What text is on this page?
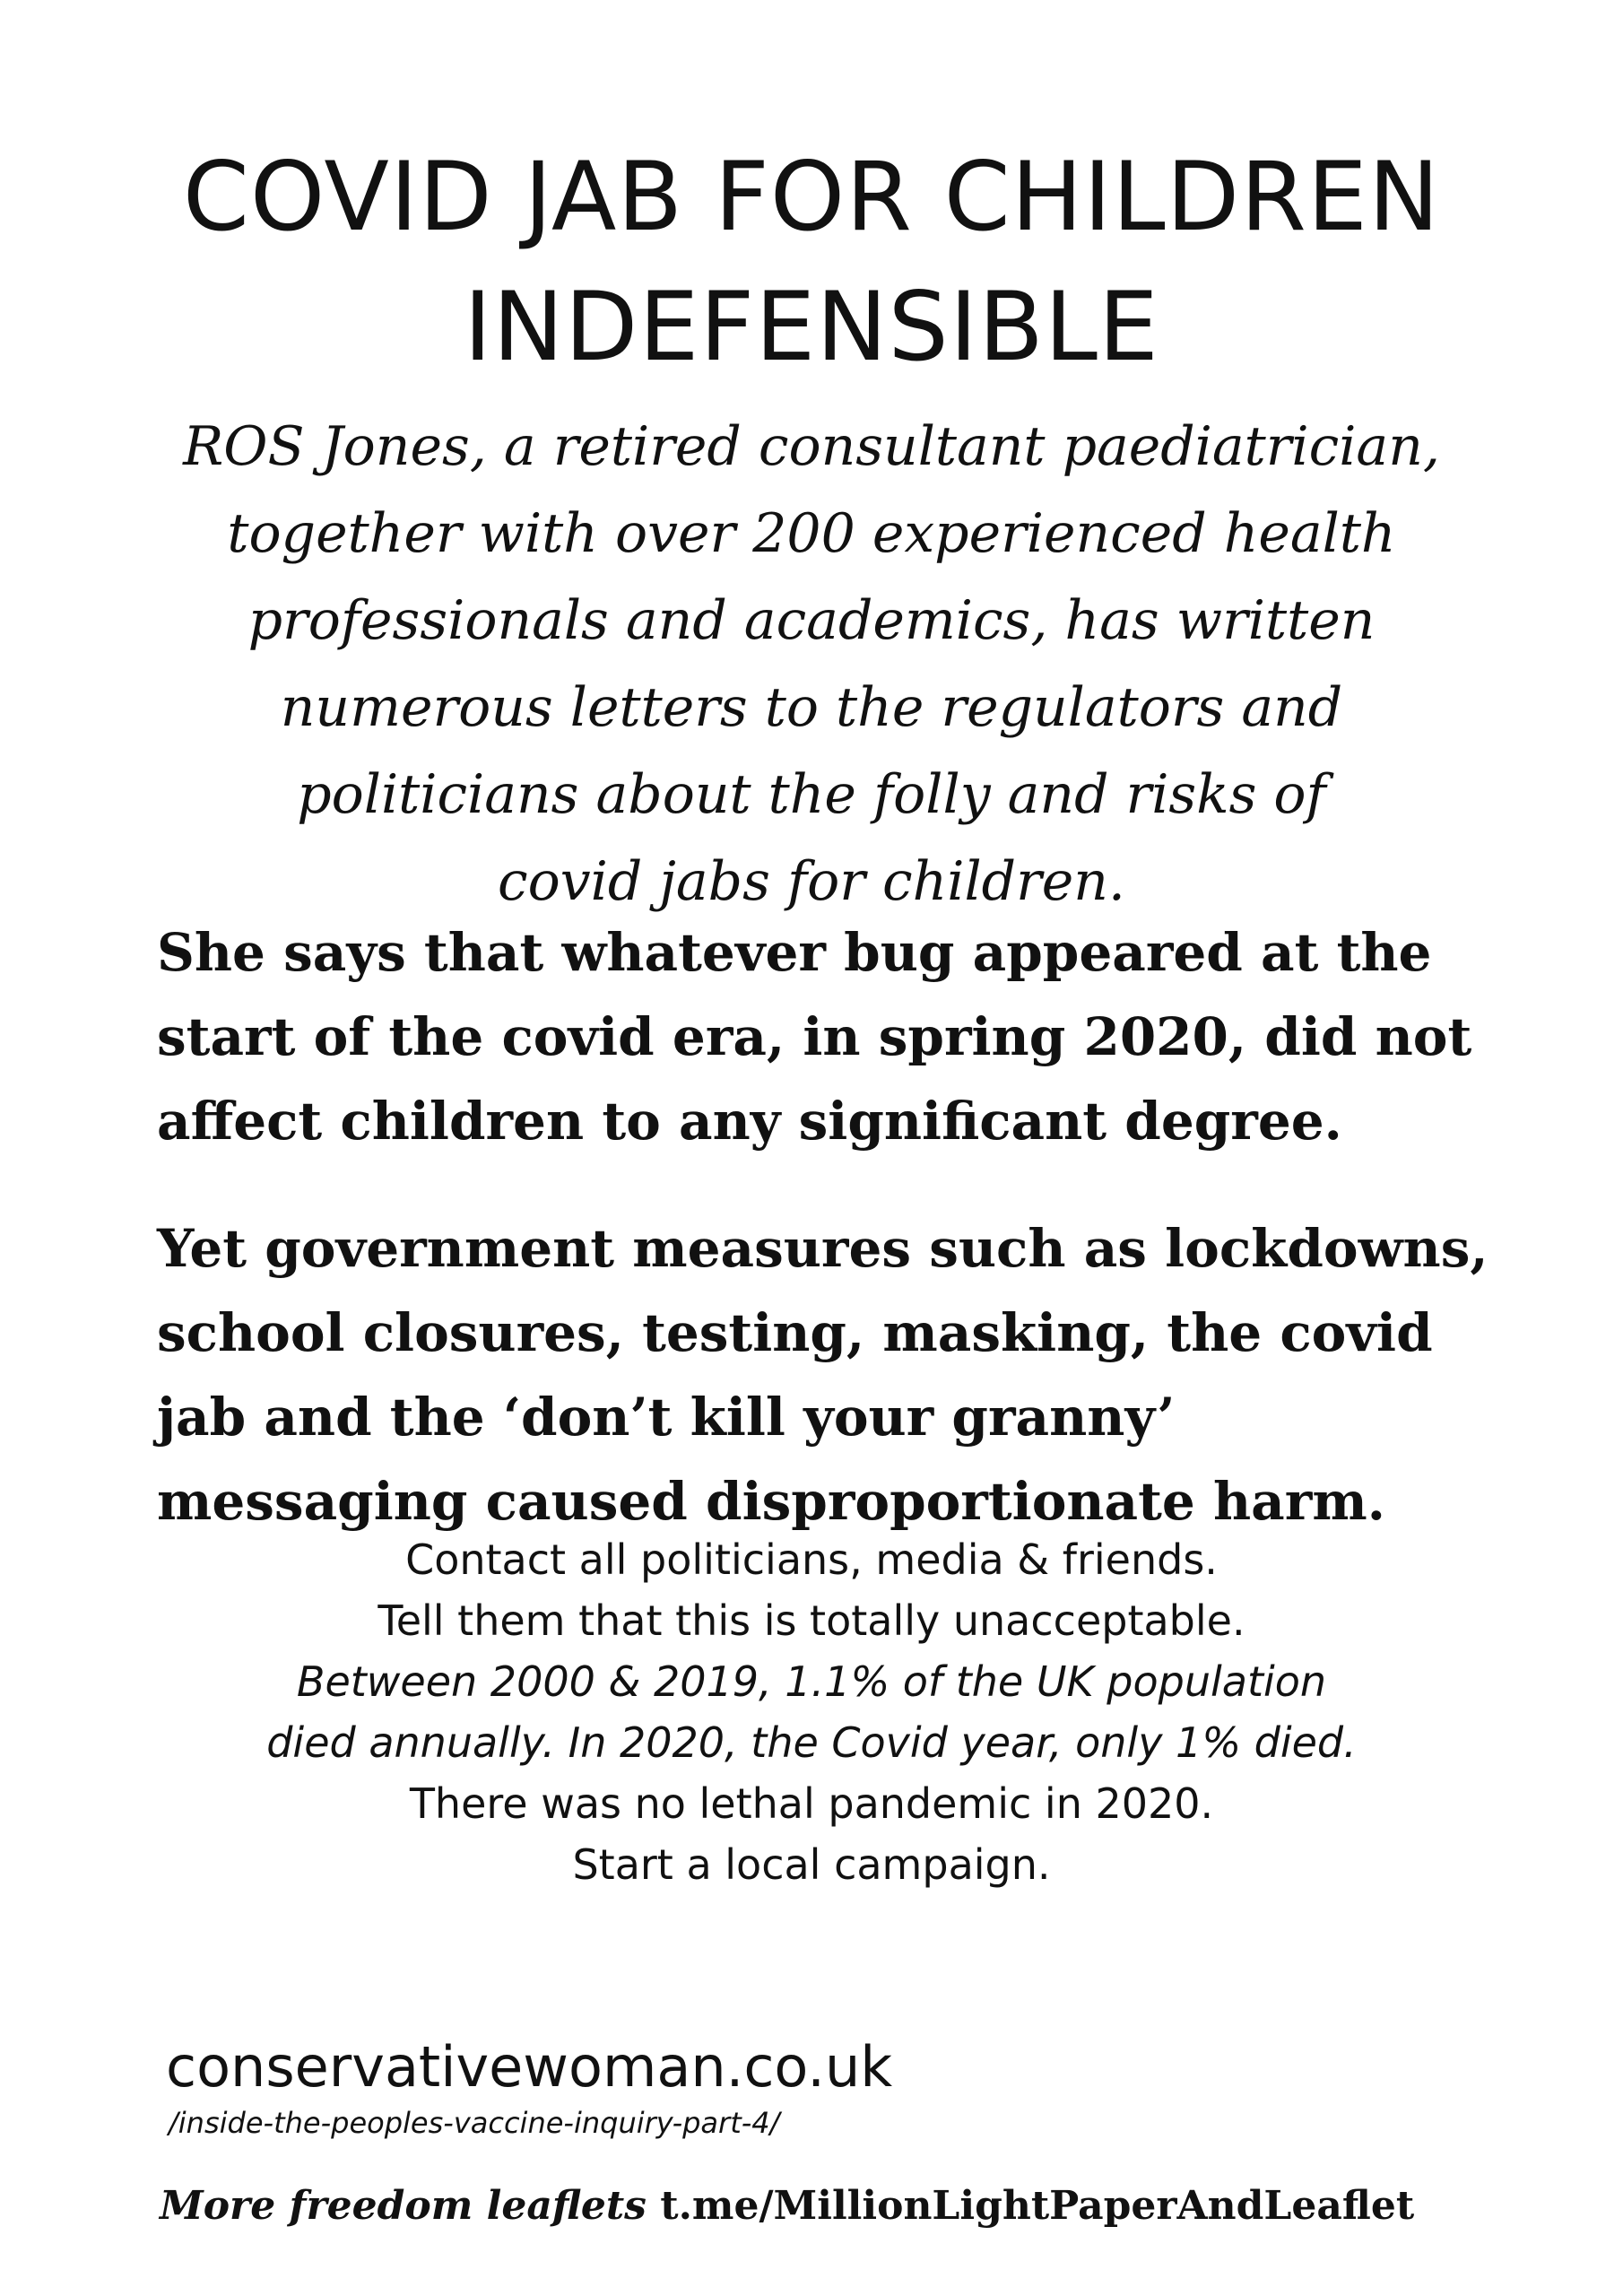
COVID JAB FOR CHILDREN
INDEFENSIBLE
ROS Jones, a retired consultant paediatrician,
together with over 200 experienced health
professionals and academics, has written
numerous letters to the regulators and
politicians about the folly and risks of
covid jabs for children.
She says that whatever bug appeared at the
start of the covid era, in spring 2020, did not
affect children to any significant degree.
Yet government measures such as lockdowns,
school closures, testing, masking, the covid
jab and the ‘don’t kill your granny’
messaging caused disproportionate harm.
Contact all politicians, media & friends.
Tell them that this is totally unacceptable.
Between 2000 & 2019, 1.1% of the UK population
died annually. In 2020, the Covid year, only 1% died.
There was no lethal pandemic in 2020.
Start a local campaign.
conservativewoman.co.uk
/inside-the-peoples-vaccine-inquiry-part-4/
More freedom leaflets t.me/MillionLightPaperAndLeaflet
